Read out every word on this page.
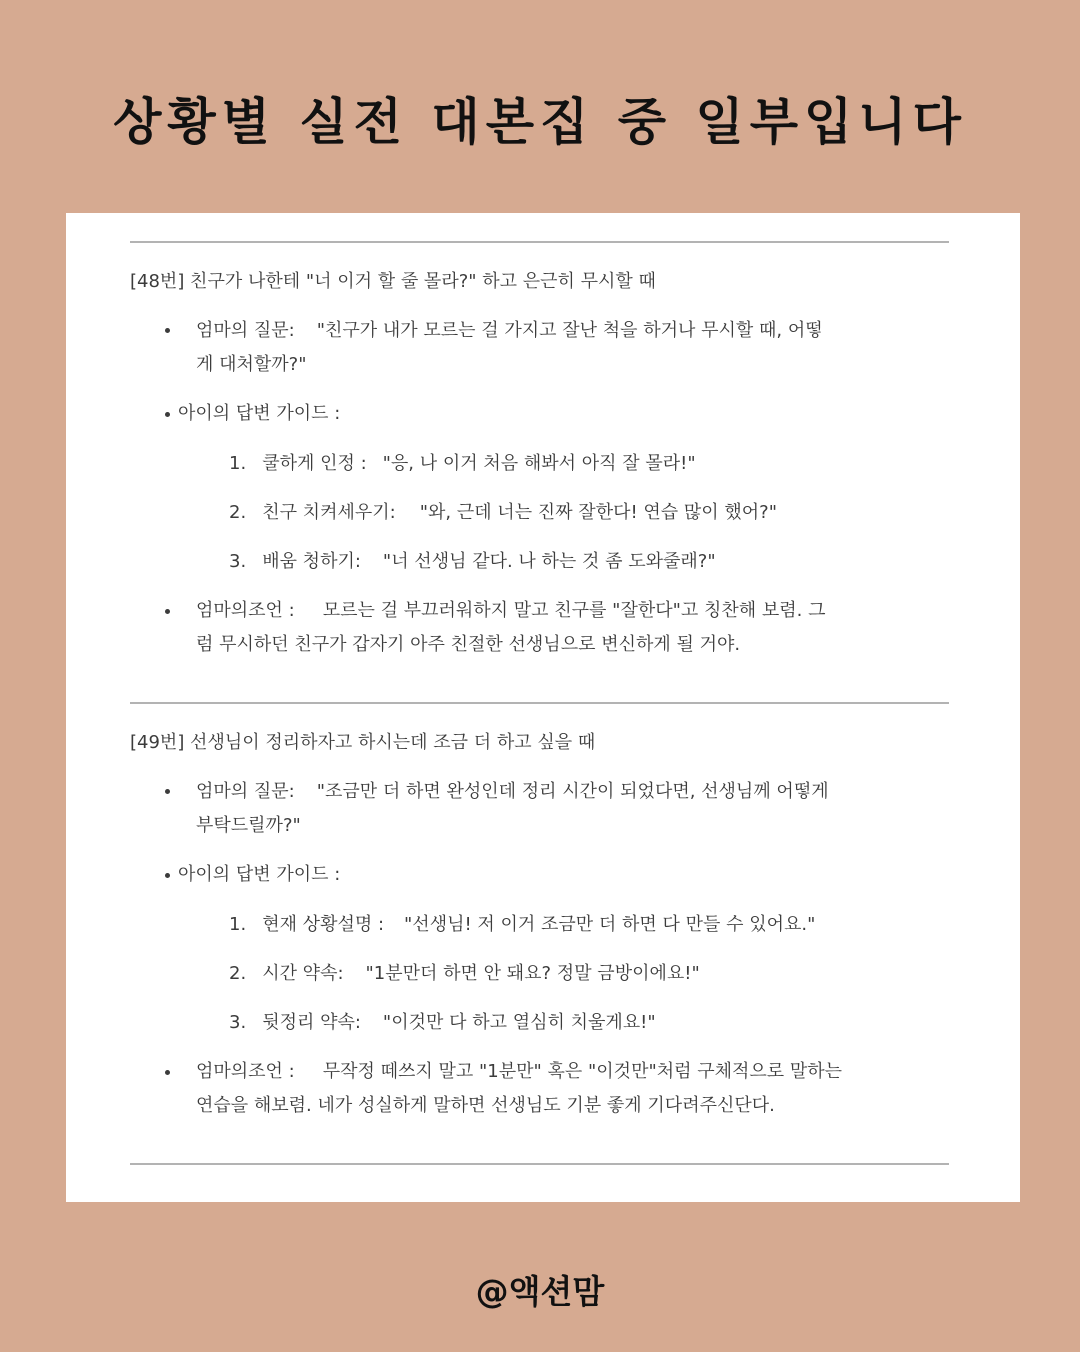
상황별 실전 대본집 중 일부입니다
[48번] 친구가 나한테 "너 이거 할 줄 몰라?" 하고 은근히 무시할 때
엄마의 질문: "친구가 내가 모르는 걸 가지고 잘난 척을 하거나 무시할 때, 어떻
게 대처할까?"
아이의 답변 가이드 :
1. 쿨하게 인정 : "응, 나 이거 처음 해봐서 아직 잘 몰라!"
2. 친구 치켜세우기: "와, 근데 너는 진짜 잘한다! 연습 많이 했어?"
3. 배움 청하기: "너 선생님 같다. 나 하는 것 좀 도와줄래?"
엄마의조언 : 모르는 걸 부끄러워하지 말고 친구를 "잘한다"고 칭찬해 보렴. 그
럼 무시하던 친구가 갑자기 아주 친절한 선생님으로 변신하게 될 거야.
[49번] 선생님이 정리하자고 하시는데 조금 더 하고 싶을 때
엄마의 질문: "조금만 더 하면 완성인데 정리 시간이 되었다면, 선생님께 어떻게
부탁드릴까?"
아이의 답변 가이드 :
1. 현재 상황설명 : "선생님! 저 이거 조금만 더 하면 다 만들 수 있어요."
2. 시간 약속: "1분만더 하면 안 돼요? 정말 금방이에요!"
3. 뒷정리 약속: "이것만 다 하고 열심히 치울게요!"
엄마의조언 : 무작정 떼쓰지 말고 "1분만" 혹은 "이것만"처럼 구체적으로 말하는
연습을 해보렴. 네가 성실하게 말하면 선생님도 기분 좋게 기다려주신단다.
@액션맘
